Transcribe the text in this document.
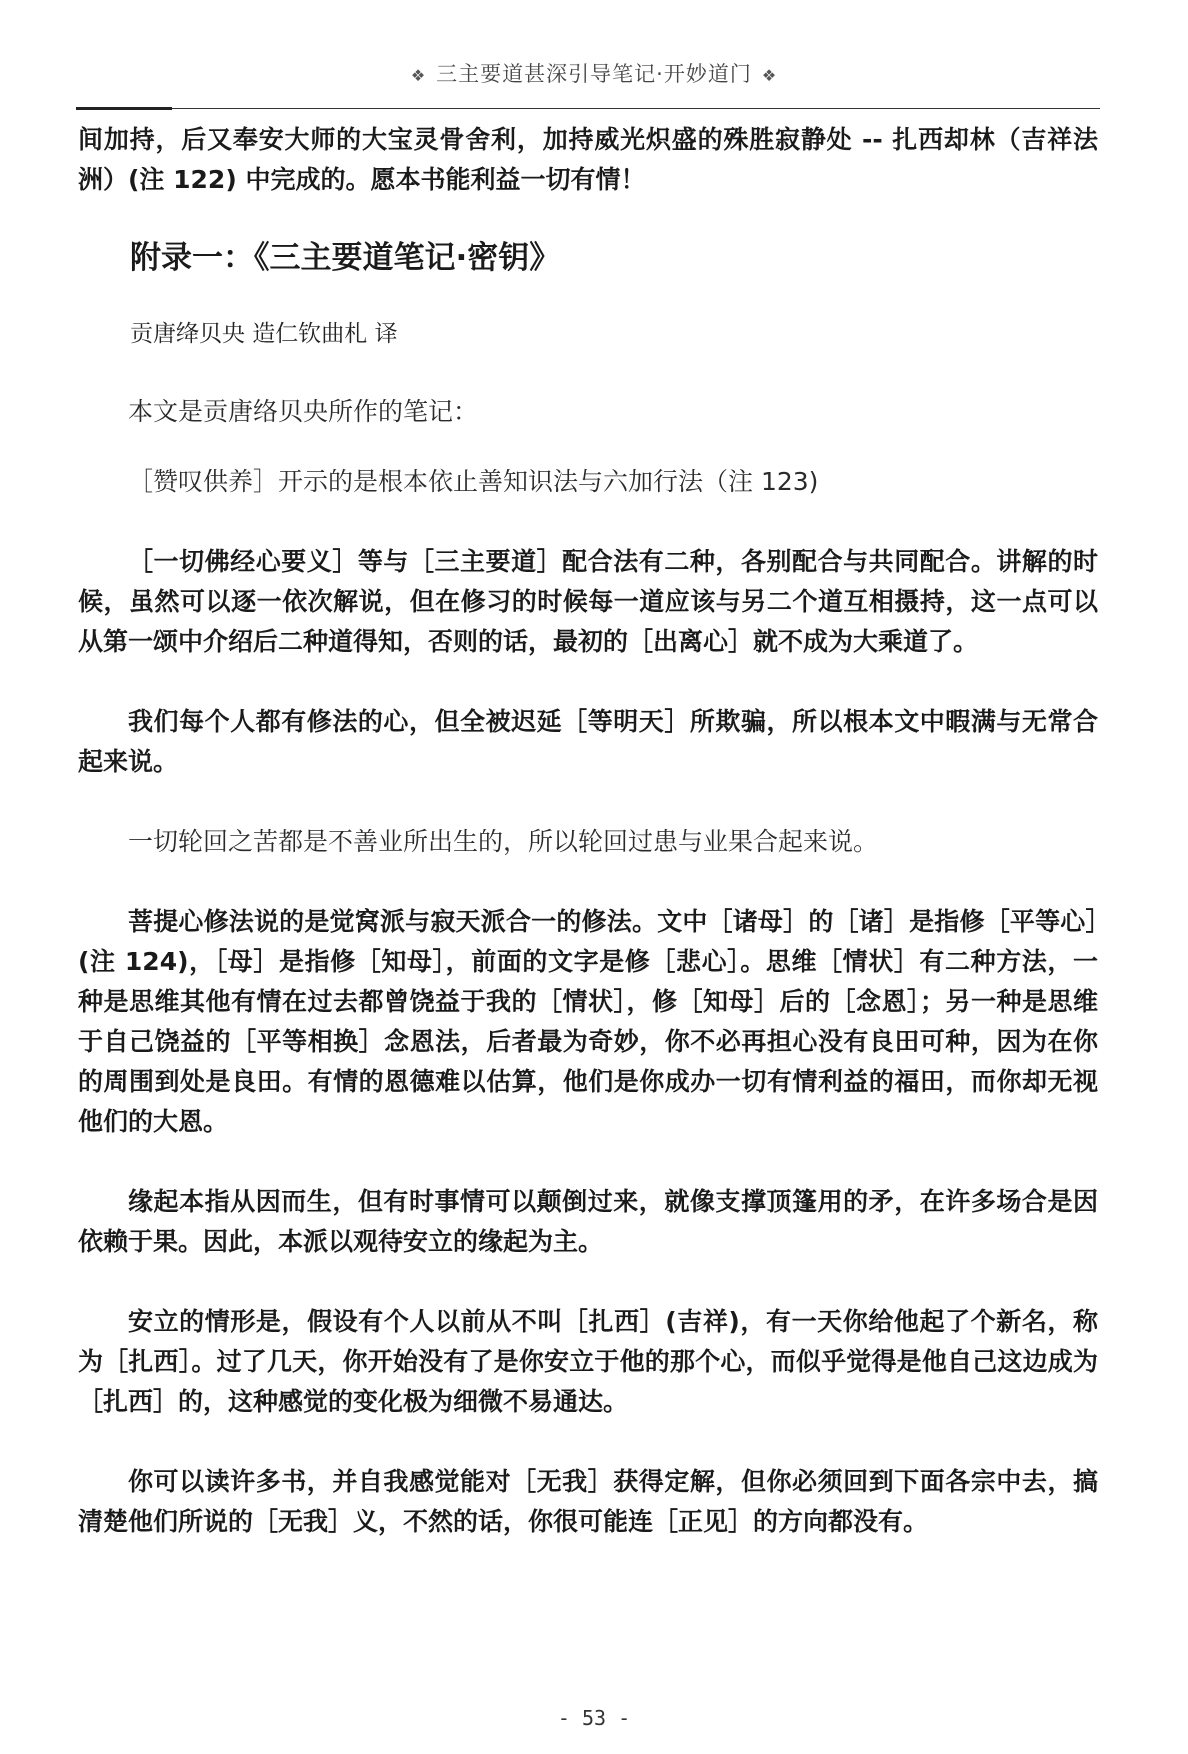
❖ 三主要道甚深引导笔记·开妙道门 ❖

间加持，后又奉安大师的大宝灵骨舍利，加持威光炽盛的殊胜寂静处 -- 扎西却林（吉祥法洲）(注 122) 中完成的。愿本书能利益一切有情！

附录一：《三主要道笔记·密钥》

贡唐绛贝央 造仁钦曲札 译

本文是贡唐络贝央所作的笔记：

［赞叹供养］开示的是根本依止善知识法与六加行法（注 123)

［一切佛经心要义］等与［三主要道］配合法有二种，各别配合与共同配合。讲解的时候，虽然可以逐一依次解说，但在修习的时候每一道应该与另二个道互相摄持，这一点可以从第一颂中介绍后二种道得知，否则的话，最初的［出离心］就不成为大乘道了。

我们每个人都有修法的心，但全被迟延［等明天］所欺骗，所以根本文中暇满与无常合起来说。

一切轮回之苦都是不善业所出生的，所以轮回过患与业果合起来说。

菩提心修法说的是觉窝派与寂天派合一的修法。文中［诸母］的［诸］是指修［平等心］(注 124)，［母］是指修［知母］，前面的文字是修［悲心］。思维［情状］有二种方法，一种是思维其他有情在过去都曾饶益于我的［情状］，修［知母］后的［念恩］；另一种是思维于自己饶益的［平等相换］念恩法，后者最为奇妙，你不必再担心没有良田可种，因为在你的周围到处是良田。有情的恩德难以估算，他们是你成办一切有情利益的福田，而你却无视他们的大恩。

缘起本指从因而生，但有时事情可以颠倒过来，就像支撑顶篷用的矛，在许多场合是因依赖于果。因此，本派以观待安立的缘起为主。

安立的情形是，假设有个人以前从不叫［扎西］(吉祥)，有一天你给他起了个新名，称为［扎西］。过了几天，你开始没有了是你安立于他的那个心，而似乎觉得是他自己这边成为［扎西］的，这种感觉的变化极为细微不易通达。

你可以读许多书，并自我感觉能对［无我］获得定解，但你必须回到下面各宗中去，搞清楚他们所说的［无我］义，不然的话，你很可能连［正见］的方向都没有。

- 53 -
